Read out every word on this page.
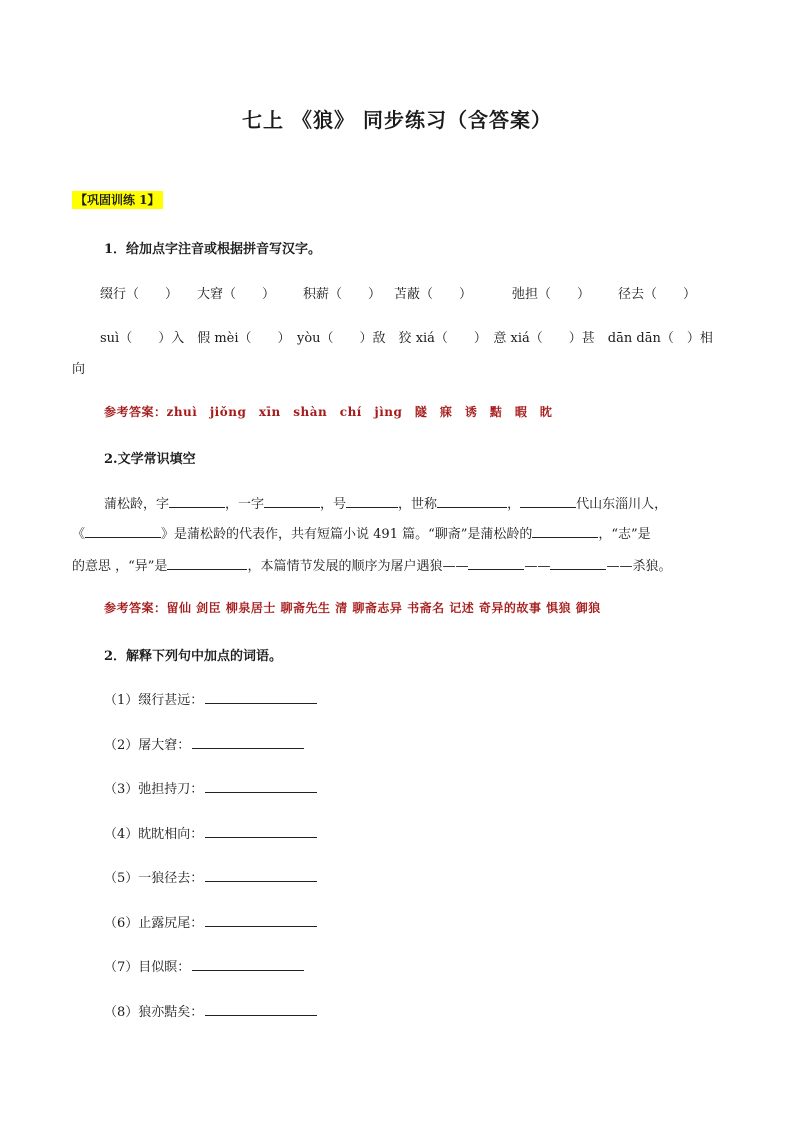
七上 《狼》 同步练习（含答案）
【巩固训练 1】
1．给加点字注音或根据拼音写汉字。
缀行（　　） 大窘（　　） 积薪（　　） 苫蔽（　　）	弛担（　　） 径去（　　）
suì（　　）入　假 mèi（　　）　yòu（　　）敌　狡 xiá（　　）　意 xiá（　　）甚　dān dān（　）相
向
参考答案：zhuì　jiǒng　xīn　shàn　chí　jìng　隧　寐　诱　黠　暇　眈
2.文学常识填空
蒲松龄，字	，一字	，号	，世称	，	代山东淄川人，
《	》是蒲松龄的代表作，共有短篇小说 491 篇。“聊斋”是蒲松龄的	，“志”是
的意思 ，“异”是	，本篇情节发展的顺序为屠户遇狼——	——	——杀狼。
参考答案：留仙 剑臣 柳泉居士 聊斋先生 清 聊斋志异 书斋名 记述 奇异的故事 惧狼 御狼
2．解释下列句中加点的词语。
（1）缀行甚远：
（2）屠大窘：
（3）弛担持刀：
（4）眈眈相向：
（5）一狼径去：
（6）止露尻尾：
（7）目似瞑：
（8）狼亦黠矣：
